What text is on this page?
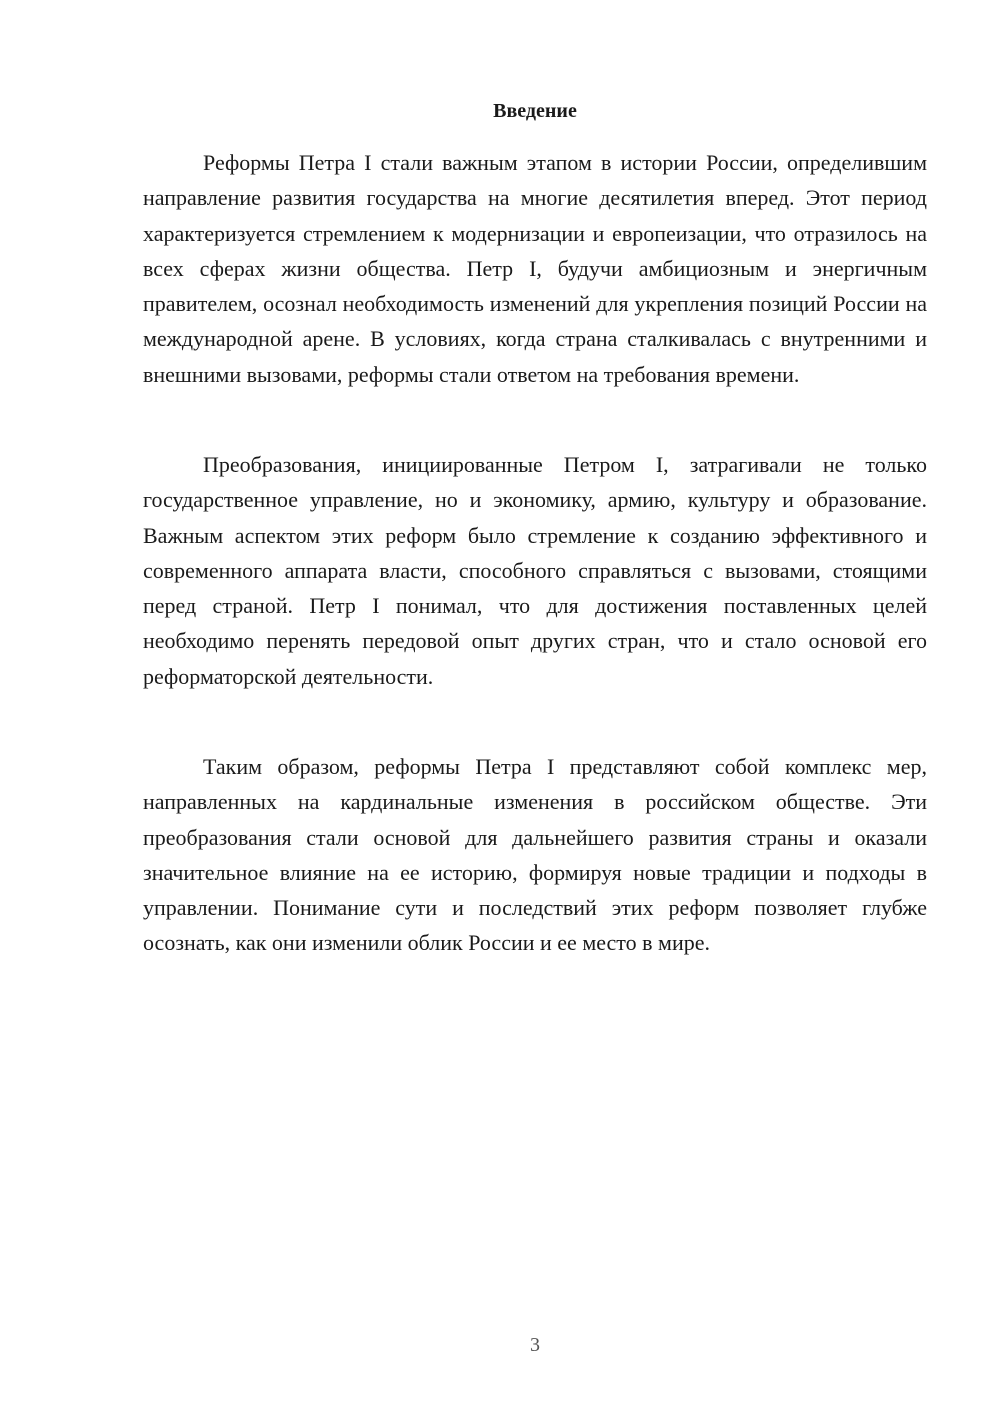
Введение

Реформы Петра I стали важным этапом в истории России, определившим направление развития государства на многие десятилетия вперед. Этот период характеризуется стремлением к модернизации и европеизации, что отразилось на всех сферах жизни общества. Петр I, будучи амбициозным и энергичным правителем, осознал необходимость изменений для укрепления позиций России на международной арене. В условиях, когда страна сталкивалась с внутренними и внешними вызовами, реформы стали ответом на требования времени.

Преобразования, инициированные Петром I, затрагивали не только государственное управление, но и экономику, армию, культуру и образование. Важным аспектом этих реформ было стремление к созданию эффективного и современного аппарата власти, способного справляться с вызовами, стоящими перед страной. Петр I понимал, что для достижения поставленных целей необходимо перенять передовой опыт других стран, что и стало основой его реформаторской деятельности.

Таким образом, реформы Петра I представляют собой комплекс мер, направленных на кардинальные изменения в российском обществе. Эти преобразования стали основой для дальнейшего развития страны и оказали значительное влияние на ее историю, формируя новые традиции и подходы в управлении. Понимание сути и последствий этих реформ позволяет глубже осознать, как они изменили облик России и ее место в мире.

3
